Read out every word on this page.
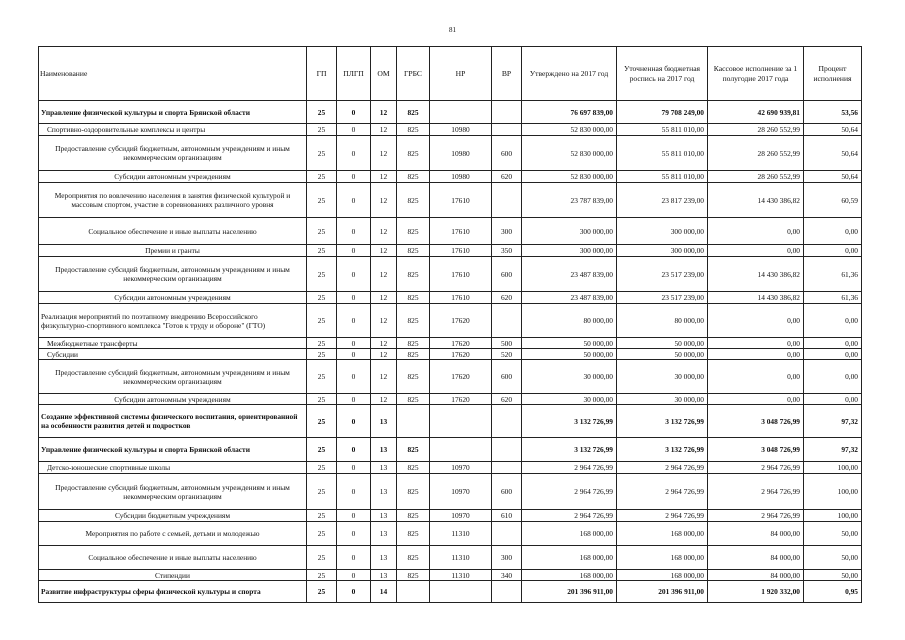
81
Наименование	ГП	ПЛГП	ОМ	ГРБС	НР	ВР	Утверждено на 2017 год	Уточненная бюджетная роспись на 2017 год	Кассовое исполнение за 1 полугодие 2017 года	Процент исполнения
Управление физической культуры и спорта Брянской области	25	0	12	825			76 697 839,00	79 708 249,00	42 690 939,81	53,56
Спортивно-оздоровительные комплексы и центры	25	0	12	825	10980		52 830 000,00	55 811 010,00	28 260 552,99	50,64
Предоставление субсидий бюджетным, автономным учреждениям и иным некоммерческим организациям	25	0	12	825	10980	600	52 830 000,00	55 811 010,00	28 260 552,99	50,64
Субсидии автономным учреждениям	25	0	12	825	10980	620	52 830 000,00	55 811 010,00	28 260 552,99	50,64
Мероприятия по вовлечению населения в занятия физической культурой и массовым спортом, участие в соревнованиях различного уровня	25	0	12	825	17610		23 787 839,00	23 817 239,00	14 430 386,82	60,59
Социальное обеспечение и иные выплаты населению	25	0	12	825	17610	300	300 000,00	300 000,00	0,00	0,00
Премии и гранты	25	0	12	825	17610	350	300 000,00	300 000,00	0,00	0,00
Предоставление субсидий бюджетным, автономным учреждениям и иным некоммерческим организациям	25	0	12	825	17610	600	23 487 839,00	23 517 239,00	14 430 386,82	61,36
Субсидии автономным учреждениям	25	0	12	825	17610	620	23 487 839,00	23 517 239,00	14 430 386,82	61,36
Реализация мероприятий по поэтапному внедрению Всероссийского физкультурно-спортивного комплекса "Готов к труду и обороне" (ГТО)	25	0	12	825	17620		80 000,00	80 000,00	0,00	0,00
Межбюджетные трансферты	25	0	12	825	17620	500	50 000,00	50 000,00	0,00	0,00
Субсидии	25	0	12	825	17620	520	50 000,00	50 000,00	0,00	0,00
Предоставление субсидий бюджетным, автономным учреждениям и иным некоммерческим организациям	25	0	12	825	17620	600	30 000,00	30 000,00	0,00	0,00
Субсидии автономным учреждениям	25	0	12	825	17620	620	30 000,00	30 000,00	0,00	0,00
Создание эффективной системы физического воспитания, ориентированной на особенности развития детей и подростков	25	0	13				3 132 726,99	3 132 726,99	3 048 726,99	97,32
Управление физической культуры и спорта Брянской области	25	0	13	825			3 132 726,99	3 132 726,99	3 048 726,99	97,32
Детско-юношеские спортивные школы	25	0	13	825	10970		2 964 726,99	2 964 726,99	2 964 726,99	100,00
Предоставление субсидий бюджетным, автономным учреждениям и иным некоммерческим организациям	25	0	13	825	10970	600	2 964 726,99	2 964 726,99	2 964 726,99	100,00
Субсидии бюджетным учреждениям	25	0	13	825	10970	610	2 964 726,99	2 964 726,99	2 964 726,99	100,00
Мероприятия по работе с семьей, детьми и молодежью	25	0	13	825	11310		168 000,00	168 000,00	84 000,00	50,00
Социальное обеспечение и иные выплаты населению	25	0	13	825	11310	300	168 000,00	168 000,00	84 000,00	50,00
Стипендии	25	0	13	825	11310	340	168 000,00	168 000,00	84 000,00	50,00
Развитие инфраструктуры сферы физической культуры и спорта	25	0	14				201 396 911,00	201 396 911,00	1 920 332,00	0,95
